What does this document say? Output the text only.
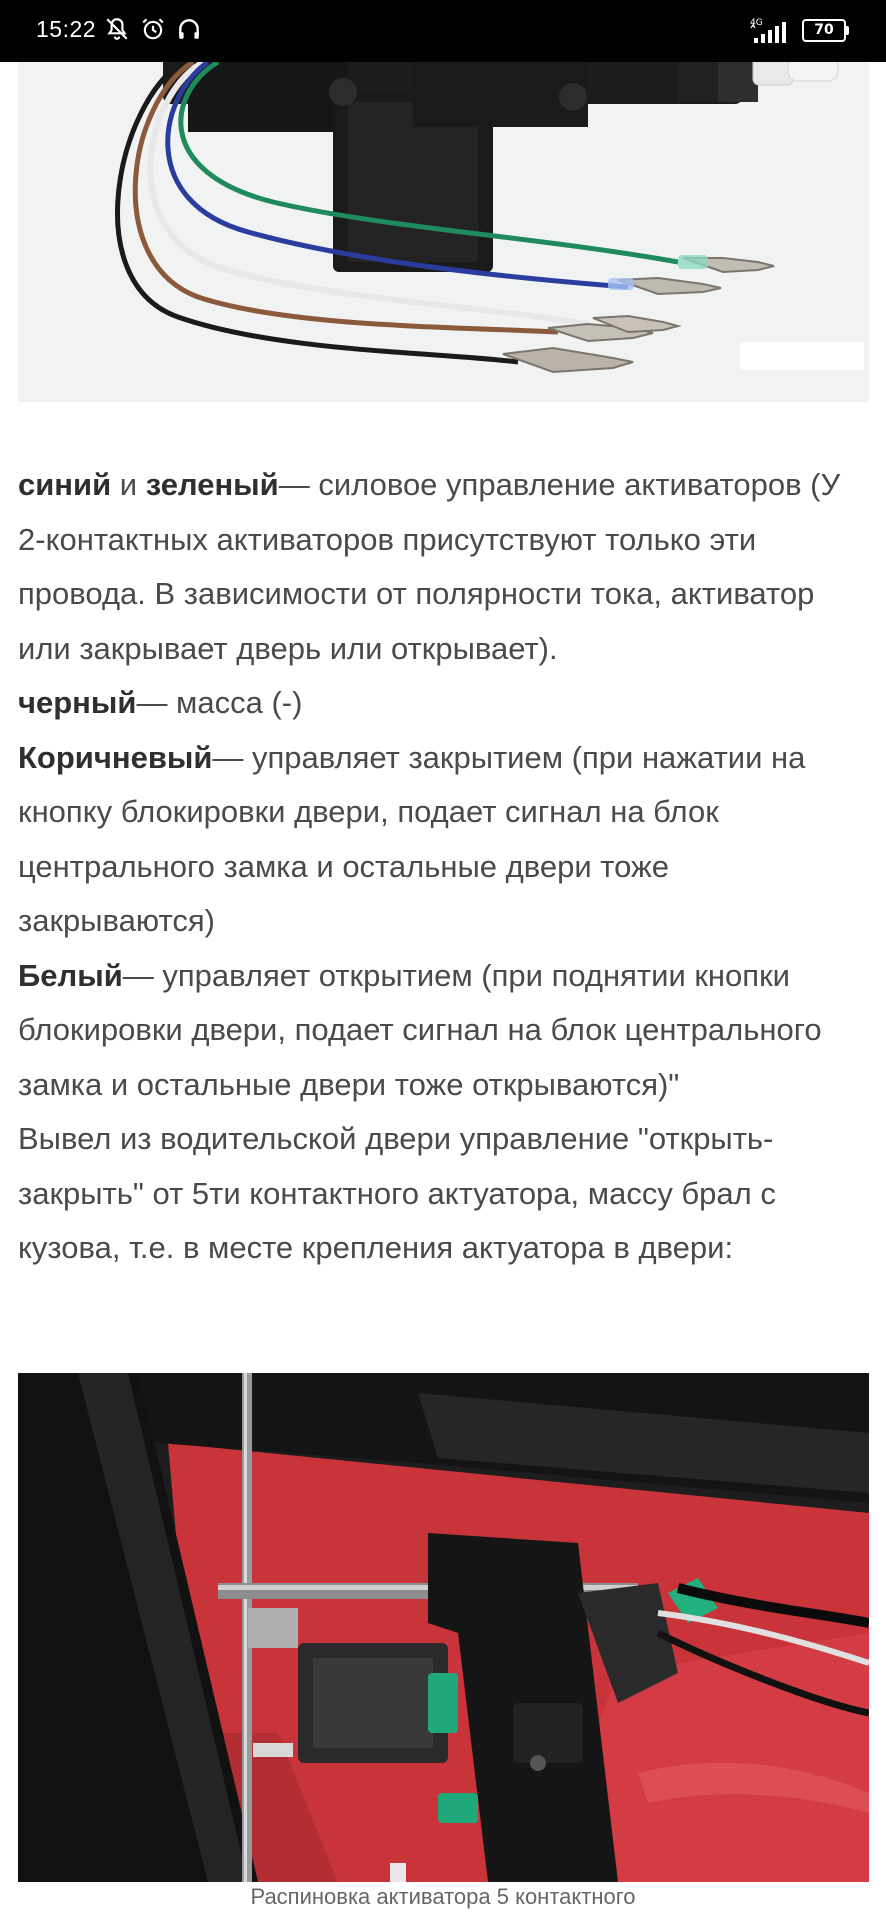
15:22	4G	70

синий и зеленый— силовое управление активаторов (У 2-контактных активаторов присутствуют только эти провода. В зависимости от полярности тока, активатор или закрывает дверь или открывает).

черный— масса (-)

Коричневый— управляет закрытием (при нажатии на кнопку блокировки двери, подает сигнал на блок центрального замка и остальные двери тоже закрываются)

Белый— управляет открытием (при поднятии кнопки блокировки двери, подает сигнал на блок центрального замка и остальные двери тоже открываются)"

Вывел из водительской двери управление "открыть-закрыть" от 5ти контактного актуатора, массу брал с кузова, т.е. в месте крепления актуатора в двери:

Распиновка активатора 5 контактного
